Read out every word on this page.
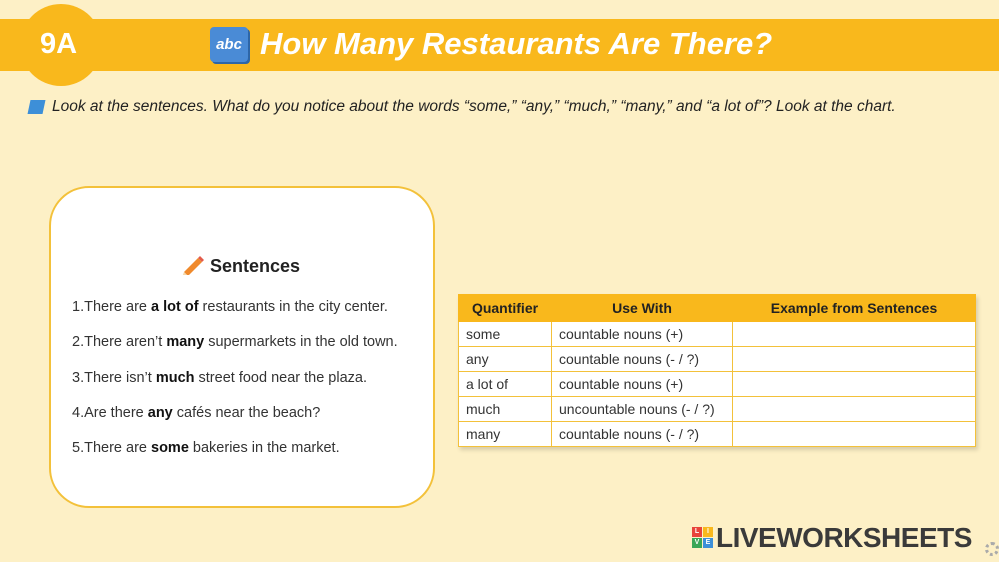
9A	abc How Many Restaurants Are There?
Look at the sentences. What do you notice about the words “some,” “any,” “much,” “many,” and “a lot of”? Look at the chart.
Sentences
1.There are a lot of restaurants in the city center.
2.There aren’t many supermarkets in the old town.
3.There isn’t much street food near the plaza.
4.Are there any cafés near the beach?
5.There are some bakeries in the market.
Quantifier	Use With	Example from Sentences
some	countable nouns (+)	
any	countable nouns (- / ?)	
a lot of	countable nouns (+)	
much	uncountable nouns (- / ?)	
many	countable nouns (- / ?)	
L	I
V E LIVEWORKSHEETS
